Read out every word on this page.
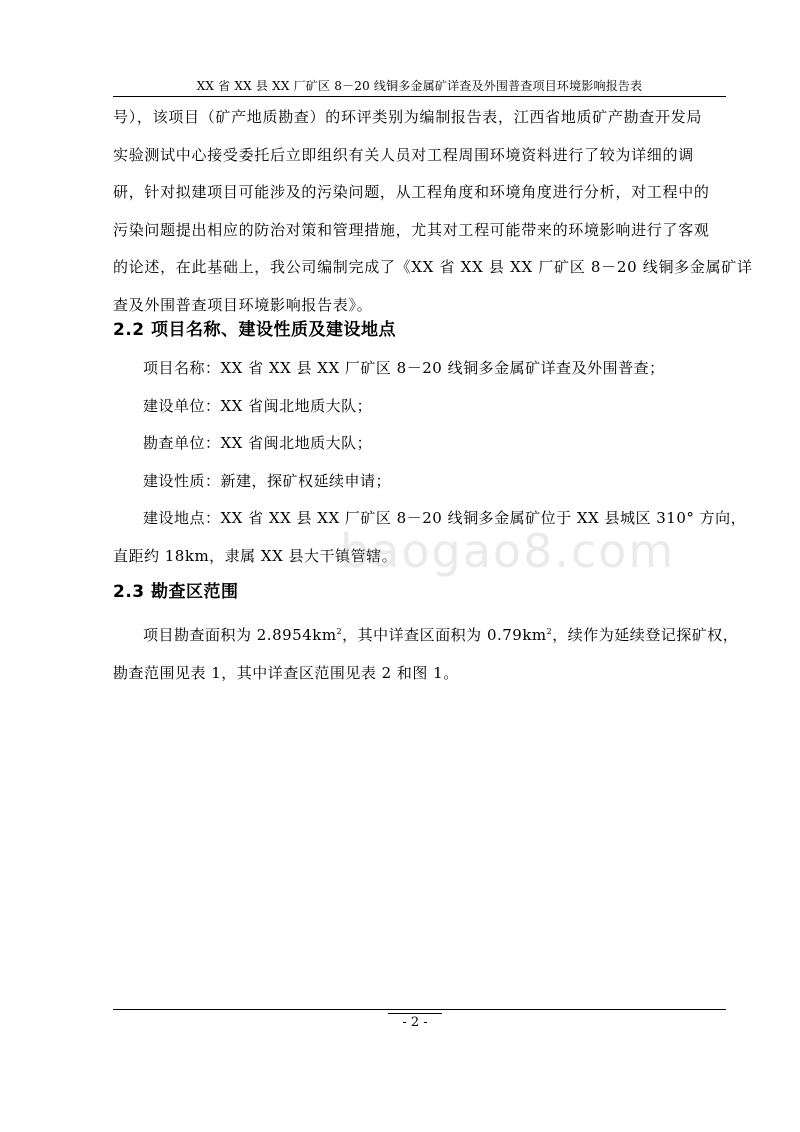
XX 省 XX 县 XX 厂矿区 8－20 线铜多金属矿详查及外围普查项目环境影响报告表
号），该项目（矿产地质勘查）的环评类别为编制报告表，江西省地质矿产勘查开发局
实验测试中心接受委托后立即组织有关人员对工程周围环境资料进行了较为详细的调
研，针对拟建项目可能涉及的污染问题，从工程角度和环境角度进行分析，对工程中的
污染问题提出相应的防治对策和管理措施，尤其对工程可能带来的环境影响进行了客观
的论述，在此基础上，我公司编制完成了《XX 省 XX 县 XX 厂矿区 8－20 线铜多金属矿详
查及外围普查项目环境影响报告表》。
2.2 项目名称、建设性质及建设地点
项目名称：XX 省 XX 县 XX 厂矿区 8－20 线铜多金属矿详查及外围普查；
建设单位：XX 省闽北地质大队；
勘查单位：XX 省闽北地质大队；
建设性质：新建，探矿权延续申请；
建设地点：XX 省 XX 县 XX 厂矿区 8－20 线铜多金属矿位于 XX 县城区 310° 方向，
直距约 18km，隶属 XX 县大干镇管辖。
baogao8.com
2.3 勘查区范围
项目勘查面积为 $2.8954km^2$，其中详查区面积为 $0.79km^2$，续作为延续登记探矿权，
勘查范围见表 1，其中详查区范围见表 2 和图 1。
- 2 -
